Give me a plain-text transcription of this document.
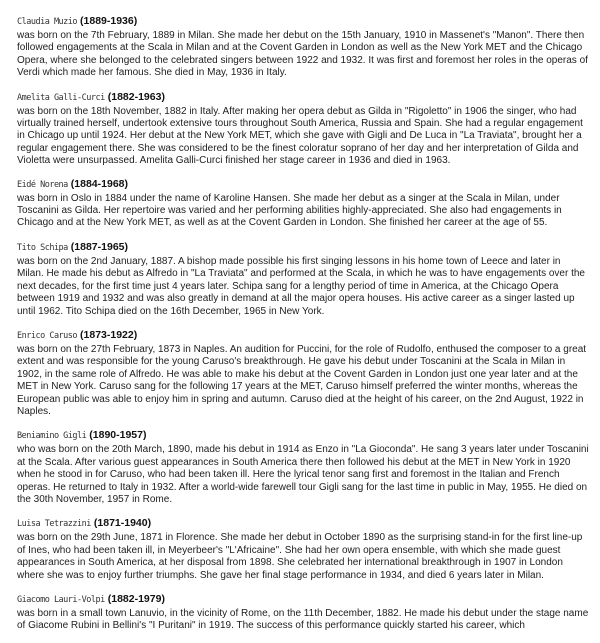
Claudia Muzio (1889-1936)

was born on the 7th February, 1889 in Milan. She made her debut on the 15th January, 1910 in Massenet's "Manon". There then followed engagements at the Scala in Milan and at the Covent Garden in London as well as the New York MET and the Chicago Opera, where she belonged to the celebrated singers between 1922 and 1932. It was first and foremost her roles in the operas of Verdi which made her famous. She died in May, 1936 in Italy.

Amelita Galli-Curci (1882-1963)

was born on the 18th November, 1882 in Italy. After making her opera debut as Gilda in "Rigoletto" in 1906 the singer, who had virtually trained herself, undertook extensive tours throughout South America, Russia and Spain. She had a regular engagement in Chicago up until 1924. Her debut at the New York MET, which she gave with Gigli and De Luca in "La Traviata", brought her a regular engagement there. She was considered to be the finest coloratur soprano of her day and her interpretation of Gilda and Violetta were unsurpassed. Amelita Galli-Curci finished her stage career in 1936 and died in 1963.

Eidé Norena (1884-1968)

was born in Oslo in 1884 under the name of Karoline Hansen. She made her debut as a singer at the Scala in Milan, under Toscanini as Gilda. Her repertoire was varied and her performing abilities highly-appreciated. She also had engagements in Chicago and at the New York MET, as well as at the Covent Garden in London. She finished her career at the age of 55.

Tito Schipa (1887-1965)

was born on the 2nd January, 1887. A bishop made possible his first singing lessons in his home town of Leece and later in Milan. He made his debut as Alfredo in "La Traviata" and performed at the Scala, in which he was to have engagements over the next decades, for the first time just 4 years later. Schipa sang for a lengthy period of time in America, at the Chicago Opera between 1919 and 1932 and was also greatly in demand at all the major opera houses. His active career as a singer lasted up until 1962. Tito Schipa died on the 16th December, 1965 in New York.

Enrico Caruso (1873-1922)

was born on the 27th February, 1873 in Naples. An audition for Puccini, for the role of Rudolfo, enthused the composer to a great extent and was responsible for the young Caruso's breakthrough. He gave his debut under Toscanini at the Scala in Milan in 1902, in the same role of Alfredo. He was able to make his debut at the Covent Garden in London just one year later and at the MET in New York. Caruso sang for the following 17 years at the MET, Caruso himself preferred the winter months, whereas the European public was able to enjoy him in spring and autumn. Caruso died at the height of his career, on the 2nd August, 1922 in Naples.

Beniamino Gigli (1890-1957)

who was born on the 20th March, 1890, made his debut in 1914 as Enzo in "La Gioconda". He sang 3 years later under Toscanini at the Scala. After various guest appearances in South America there then followed his debut at the MET in New York in 1920 when he stood in for Caruso, who had been taken ill. Here the lyrical tenor sang first and foremost in the Italian and French operas. He returned to Italy in 1932. After a world-wide farewell tour Gigli sang for the last time in public in May, 1955. He died on the 30th November, 1957 in Rome.

Luisa Tetrazzini (1871-1940)

was born on the 29th June, 1871 in Florence. She made her debut in October 1890 as the surprising stand-in for the first line-up of Ines, who had been taken ill, in Meyerbeer's "L'Africaine". She had her own opera ensemble, with which she made guest appearances in South America, at her disposal from 1898. She celebrated her international breakthrough in 1907 in London where she was to enjoy further triumphs. She gave her final stage performance in 1934, and died 6 years later in Milan.

Giacomo Lauri-Volpi (1882-1979)

was born in a small town Lanuvio, in the vicinity of Rome, on the 11th December, 1882. He made his debut under the stage name of Giacome Rubini in Bellini's "I Puritani" in 1919. The success of this performance quickly started his career, which
